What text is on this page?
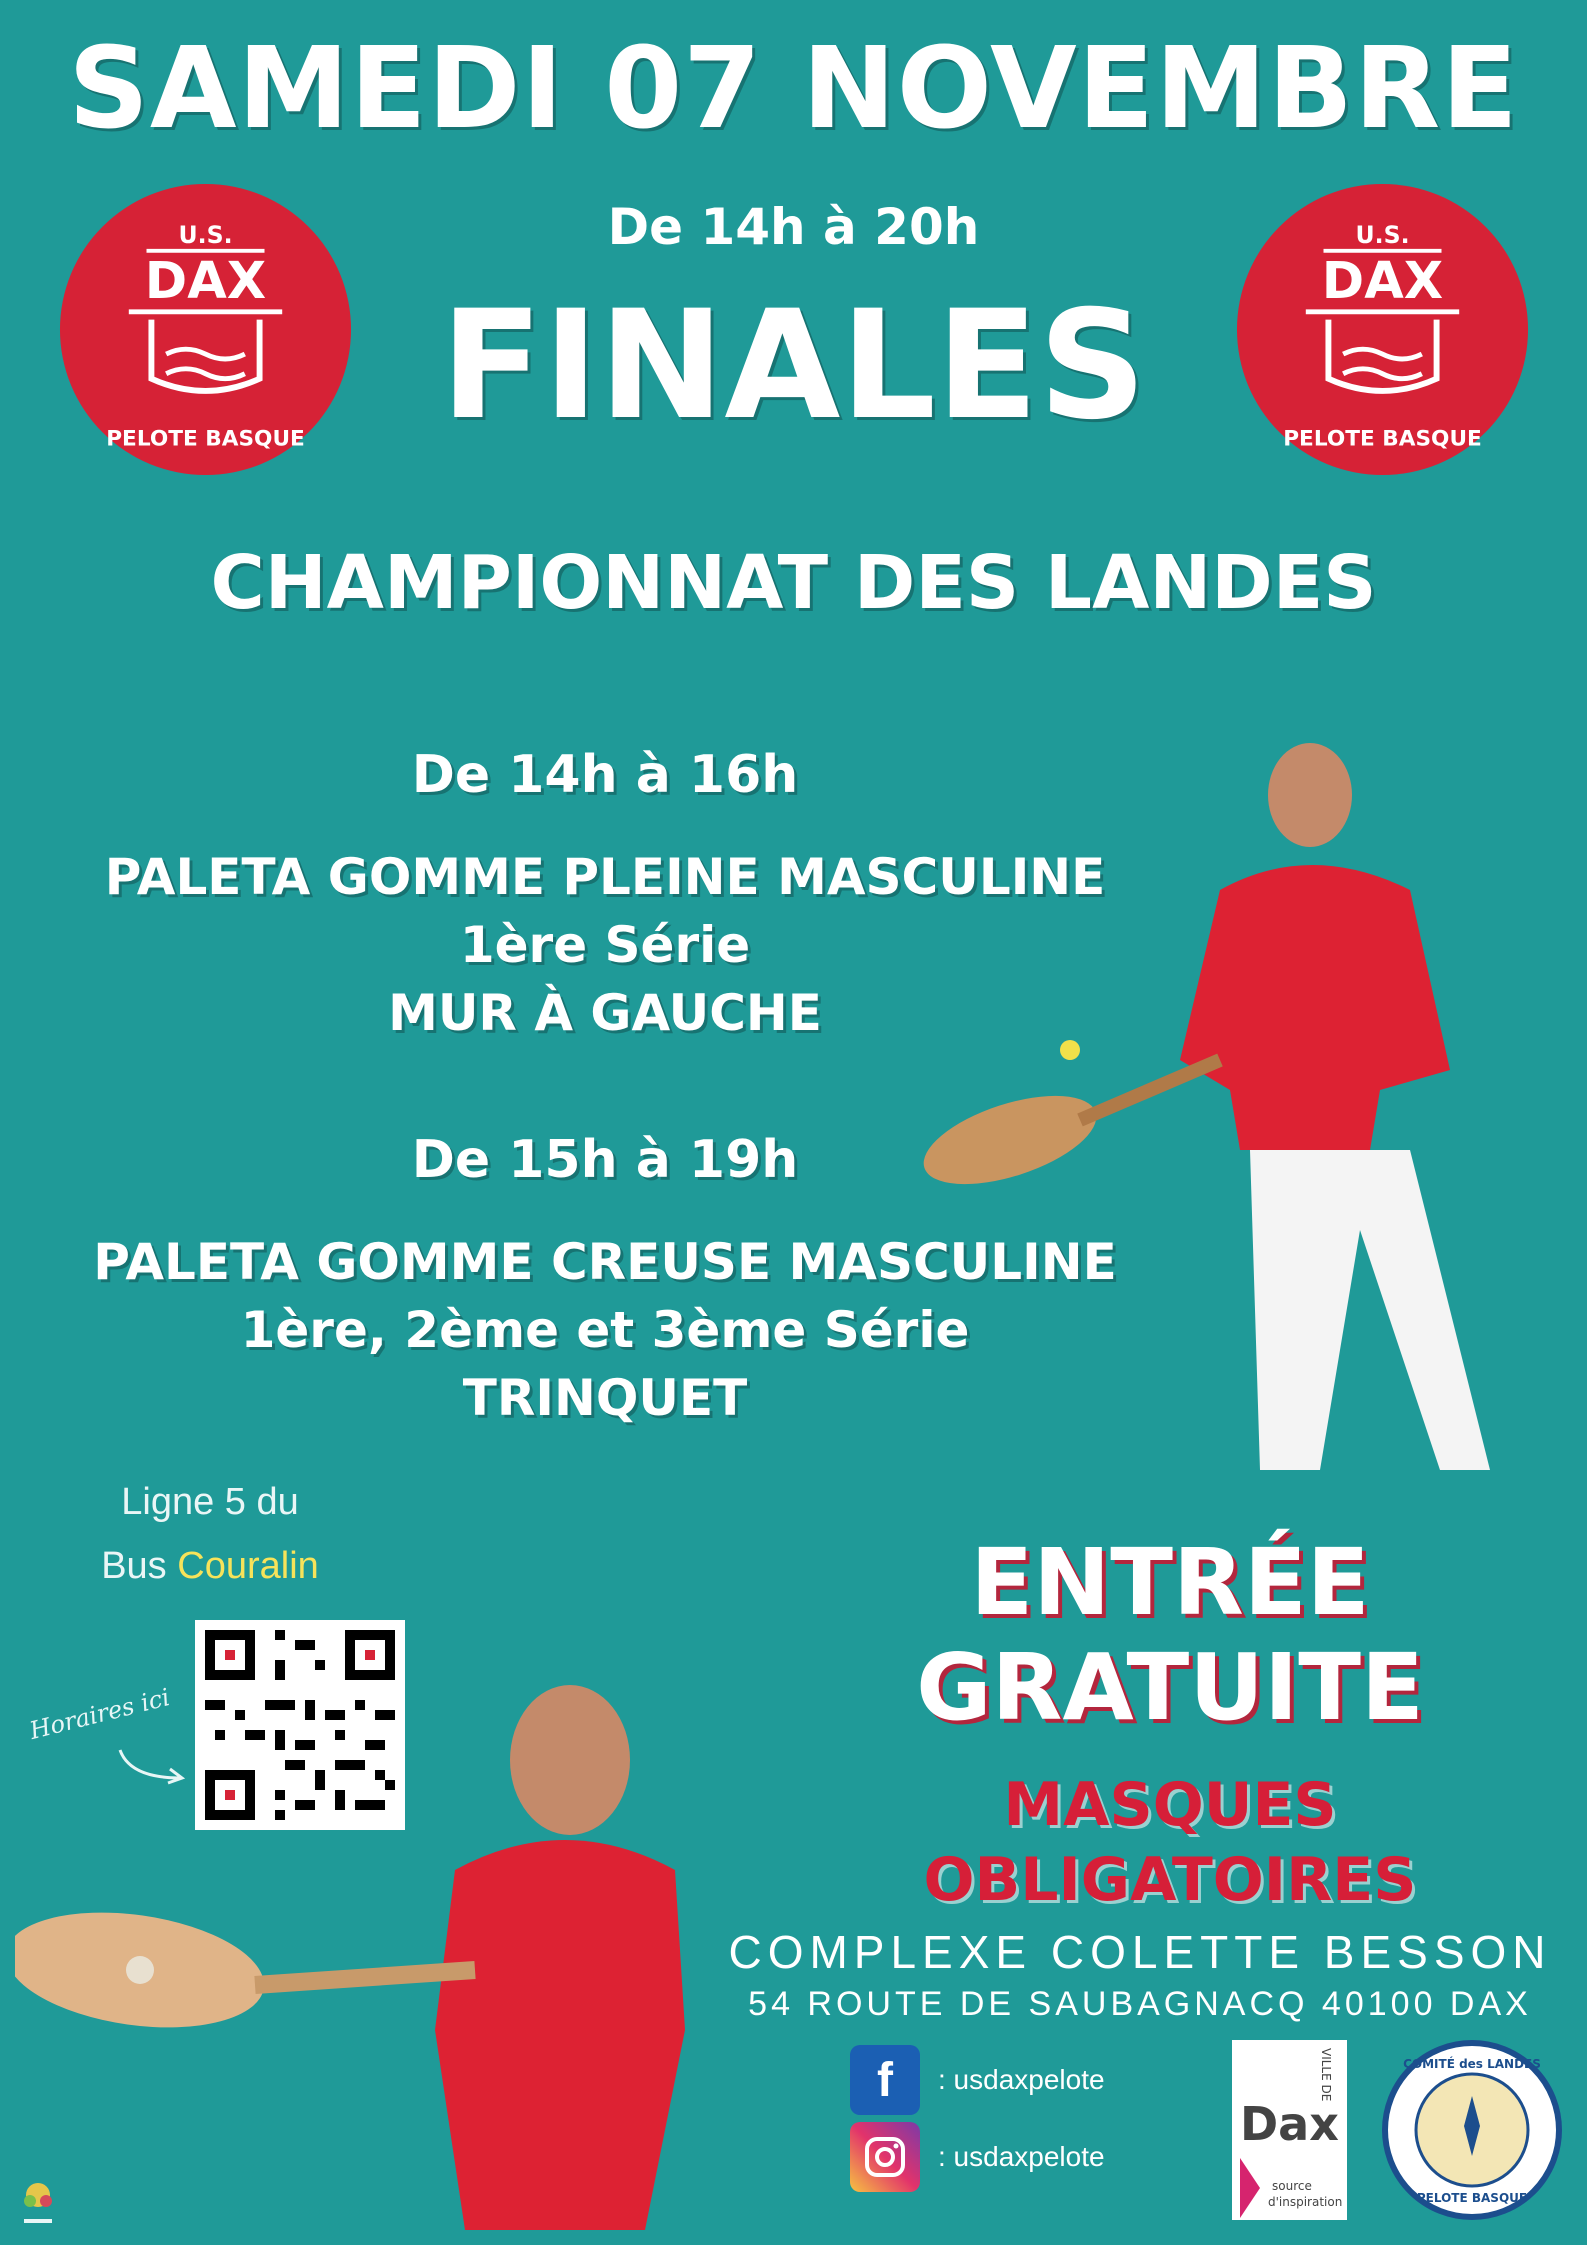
SAMEDI 07 NOVEMBRE
De 14h à 20h
FINALES
CHAMPIONNAT DES LANDES
U.S.
DAX
PELOTE BASQUE
U.S.
DAX
PELOTE BASQUE
De 14h à 16h
PALETA GOMME PLEINE MASCULINE
1ère Série
MUR À GAUCHE
De 15h à 19h
PALETA GOMME CREUSE MASCULINE
1ère, 2ème et 3ème Série
TRINQUET
Ligne 5 du
Bus Couralin
Horaires ici
ENTRÉE
GRATUITE
MASQUES
OBLIGATOIRES
COMPLEXE COLETTE BESSON
54 ROUTE DE SAUBAGNACQ 40100 DAX
f	: usdaxpelote
: usdaxpelote
VILLE DE
Dax
source
d'inspiration
COMITÉ des LANDES
PELOTE BASQUE
